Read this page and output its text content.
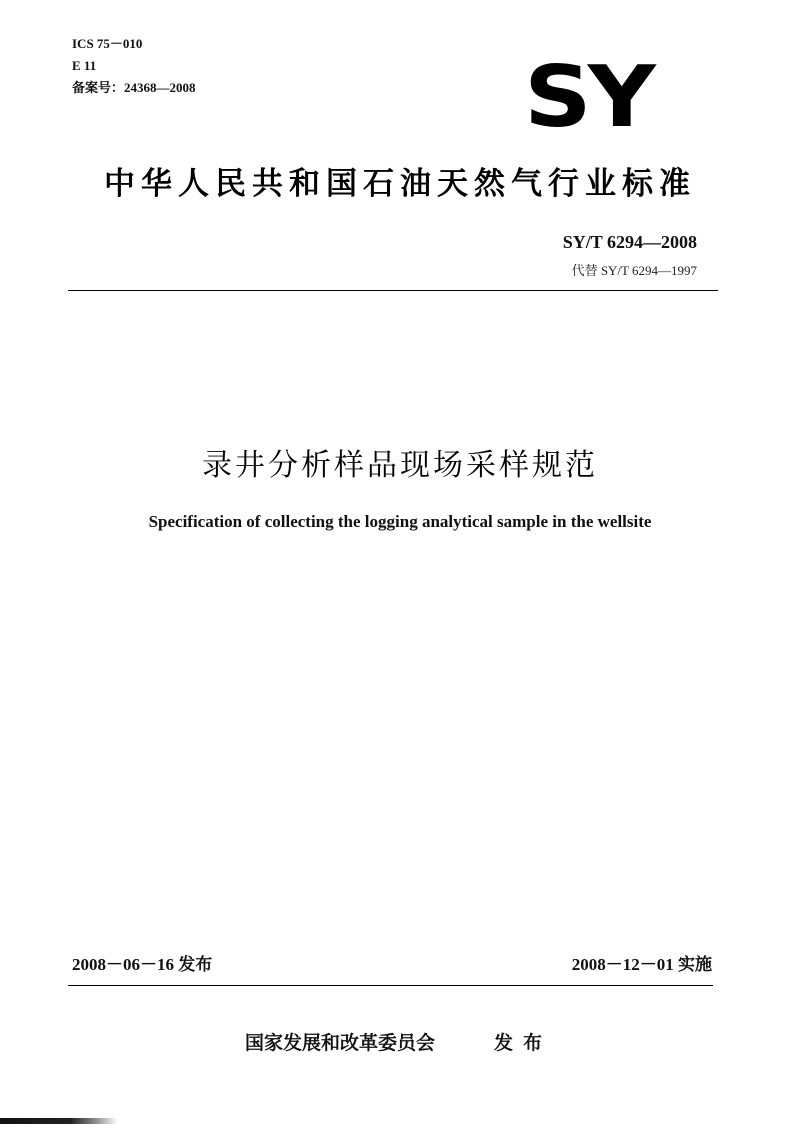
ICS 75－010
E 11
备案号：24368—2008	SY
中华人民共和国石油天然气行业标准
SY/T 6294—2008
代替 SY/T 6294—1997
录井分析样品现场采样规范
Specification of collecting the logging analytical sample in the wellsite
2008－06－16 发布	2008－12－01 实施
国家发展和改革委员会	发布
